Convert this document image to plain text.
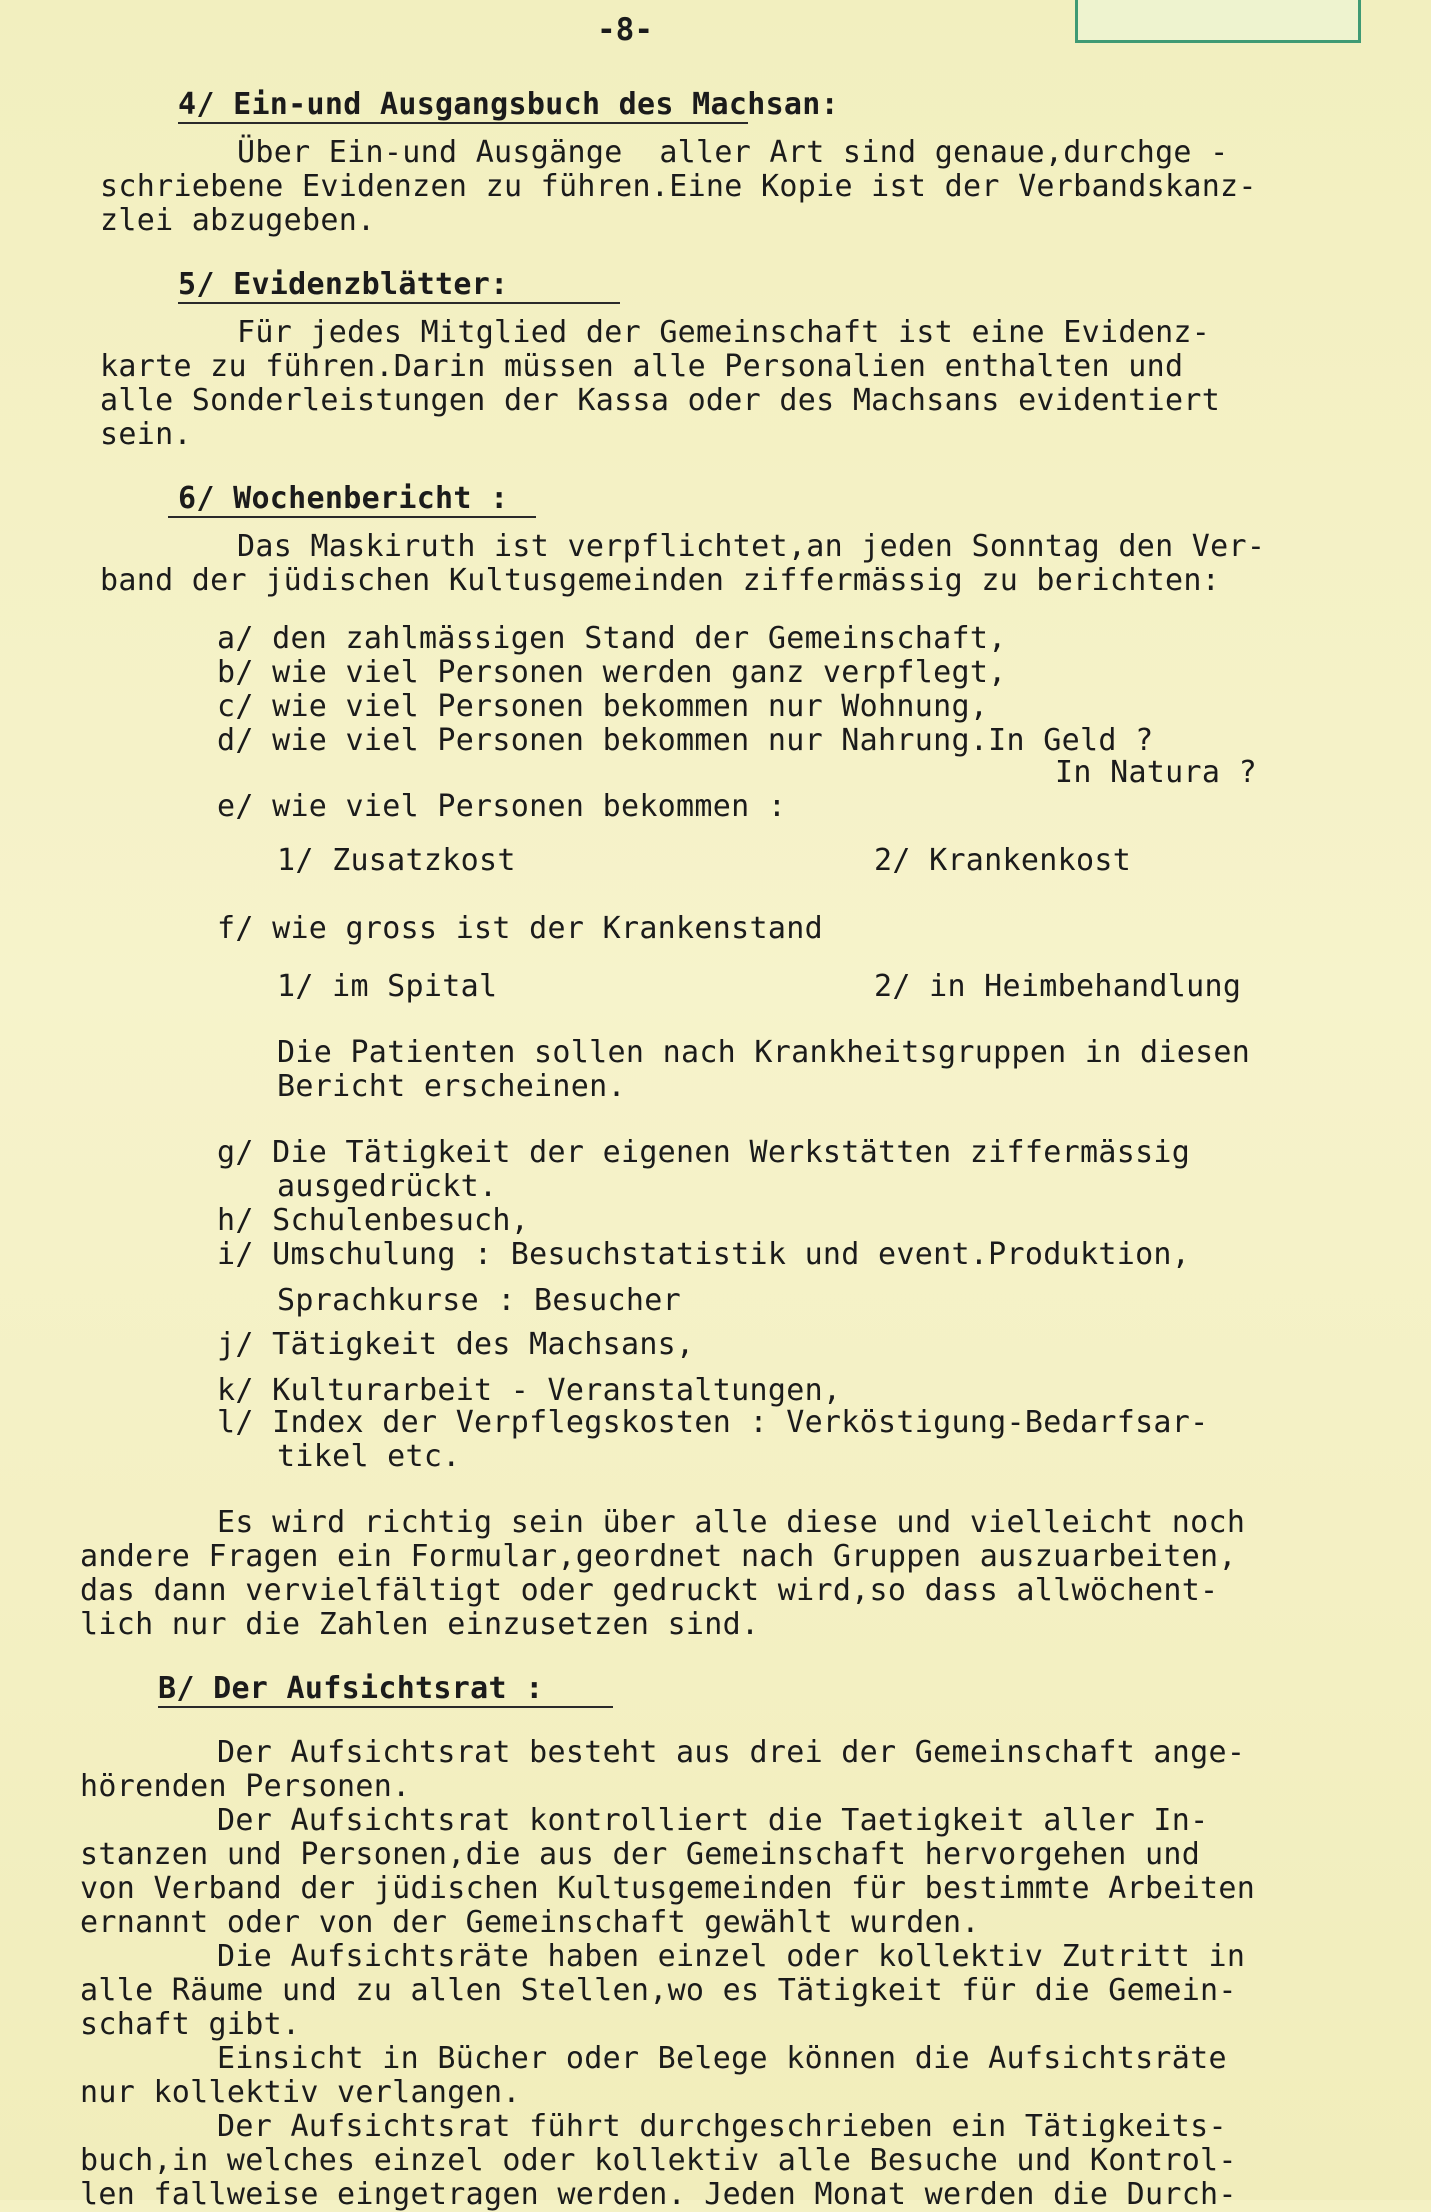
-8-
4/ Ein-und Ausgangsbuch des Machsan:
Über Ein-und Ausgänge  aller Art sind genaue,durchge -
schriebene Evidenzen zu führen.Eine Kopie ist der Verbandskanz-
zlei abzugeben.
5/ Evidenzblätter:
Für jedes Mitglied der Gemeinschaft ist eine Evidenz-
karte zu führen.Darin müssen alle Personalien enthalten und
alle Sonderleistungen der Kassa oder des Machsans evidentiert
sein.
6/ Wochenbericht :
Das Maskiruth ist verpflichtet,an jeden Sonntag den Ver-
band der jüdischen Kultusgemeinden ziffermässig zu berichten:
a/ den zahlmässigen Stand der Gemeinschaft,
b/ wie viel Personen werden ganz verpflegt,
c/ wie viel Personen bekommen nur Wohnung,
d/ wie viel Personen bekommen nur Nahrung.In Geld ?
In Natura ?
e/ wie viel Personen bekommen :
1/ Zusatzkost	2/ Krankenkost
f/ wie gross ist der Krankenstand
1/ im Spital	2/ in Heimbehandlung
Die Patienten sollen nach Krankheitsgruppen in diesen
Bericht erscheinen.
g/ Die Tätigkeit der eigenen Werkstätten ziffermässig
ausgedrückt.
h/ Schulenbesuch,
i/ Umschulung : Besuchstatistik und event.Produktion,
Sprachkurse : Besucher
j/ Tätigkeit des Machsans,
k/ Kulturarbeit - Veranstaltungen,
l/ Index der Verpflegskosten : Verköstigung-Bedarfsar-
tikel etc.
Es wird richtig sein über alle diese und vielleicht noch
andere Fragen ein Formular,geordnet nach Gruppen auszuarbeiten,
das dann vervielfältigt oder gedruckt wird,so dass allwöchent-
lich nur die Zahlen einzusetzen sind.
B/ Der Aufsichtsrat :
Der Aufsichtsrat besteht aus drei der Gemeinschaft ange-
hörenden Personen.
Der Aufsichtsrat kontrolliert die Taetigkeit aller In-
stanzen und Personen,die aus der Gemeinschaft hervorgehen und
von Verband der jüdischen Kultusgemeinden für bestimmte Arbeiten
ernannt oder von der Gemeinschaft gewählt wurden.
Die Aufsichtsräte haben einzel oder kollektiv Zutritt in
alle Räume und zu allen Stellen,wo es Tätigkeit für die Gemein-
schaft gibt.
Einsicht in Bücher oder Belege können die Aufsichtsräte
nur kollektiv verlangen.
Der Aufsichtsrat führt durchgeschrieben ein Tätigkeits-
buch,in welches einzel oder kollektiv alle Besuche und Kontrol-
len fallweise eingetragen werden. Jeden Monat werden die Durch-
